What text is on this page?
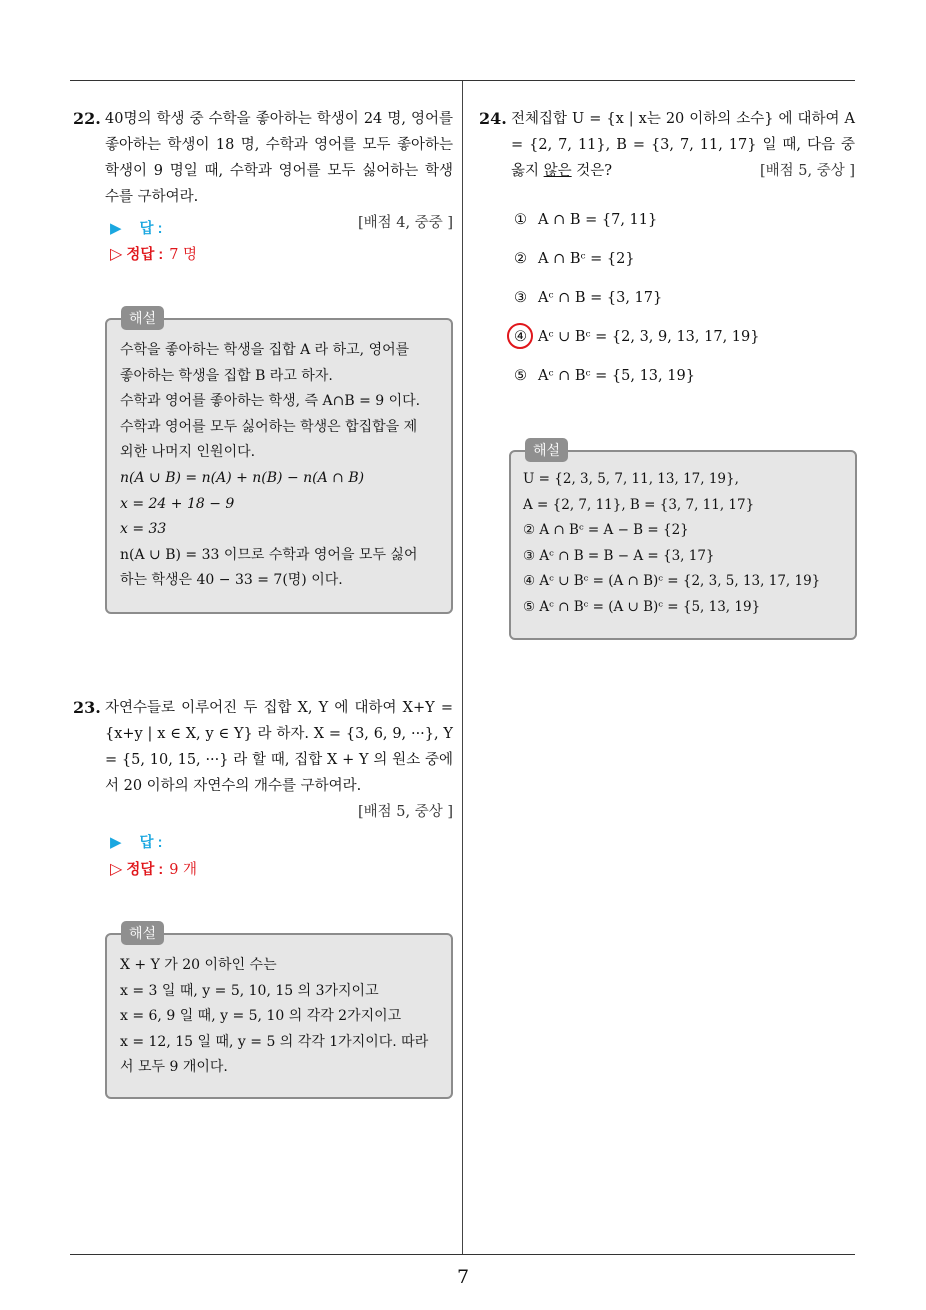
7
22. 40명의 학생 중 수학을 좋아하는 학생이 24 명, 영어를 좋아하는 학생이 18 명, 수학과 영어를 모두 좋아하는 학생이 9 명일 때, 수학과 영어를 모두 싫어하는 학생 수를 구하여라.
[배점 4, 중중 ]
▶ 답 :
▷ 정답 : 7 명
해설
수학을 좋아하는 학생을 집합 A 라 하고, 영어를
좋아하는 학생을 집합 B 라고 하자.
수학과 영어를 좋아하는 학생, 즉 A∩B = 9 이다.
수학과 영어를 모두 싫어하는 학생은 합집합을 제
외한 나머지 인원이다.
n(A ∪ B) = n(A) + n(B) − n(A ∩ B)
x = 24 + 18 − 9
x = 33
n(A ∪ B) = 33 이므로 수학과 영어을 모두 싫어
하는 학생은 40 − 33 = 7(명) 이다.
23. 자연수들로 이루어진 두 집합 X, Y 에 대하여 X+Y = {x+y | x ∈ X, y ∈ Y} 라 하자. X = {3, 6, 9, ···}, Y = {5, 10, 15, ···} 라 할 때, 집합 X + Y 의 원소 중에서 20 이하의 자연수의 개수를 구하여라.
[배점 5, 중상 ]
▶ 답 :
▷ 정답 : 9 개
해설
X + Y 가 20 이하인 수는
x = 3 일 때, y = 5, 10, 15 의 3가지이고
x = 6, 9 일 때, y = 5, 10 의 각각 2가지이고
x = 12, 15 일 때, y = 5 의 각각 1가지이다. 따라
서 모두 9 개이다.
24. 전체집합 U = {x | x는 20 이하의 소수} 에 대하여 A = {2, 7, 11}, B = {3, 7, 11, 17} 일 때, 다음 중 옳지 않은 것은?	[배점 5, 중상 ]
① A ∩ B = {7, 11}
② A ∩ Bᶜ = {2}
③ Aᶜ ∩ B = {3, 17}
④ Aᶜ ∪ Bᶜ = {2, 3, 9, 13, 17, 19}
⑤ Aᶜ ∩ Bᶜ = {5, 13, 19}
해설
U = {2, 3, 5, 7, 11, 13, 17, 19},
A = {2, 7, 11}, B = {3, 7, 11, 17}
② A ∩ Bᶜ = A − B = {2}
③ Aᶜ ∩ B = B − A = {3, 17}
④ Aᶜ ∪ Bᶜ = (A ∩ B)ᶜ = {2, 3, 5, 13, 17, 19}
⑤ Aᶜ ∩ Bᶜ = (A ∪ B)ᶜ = {5, 13, 19}
